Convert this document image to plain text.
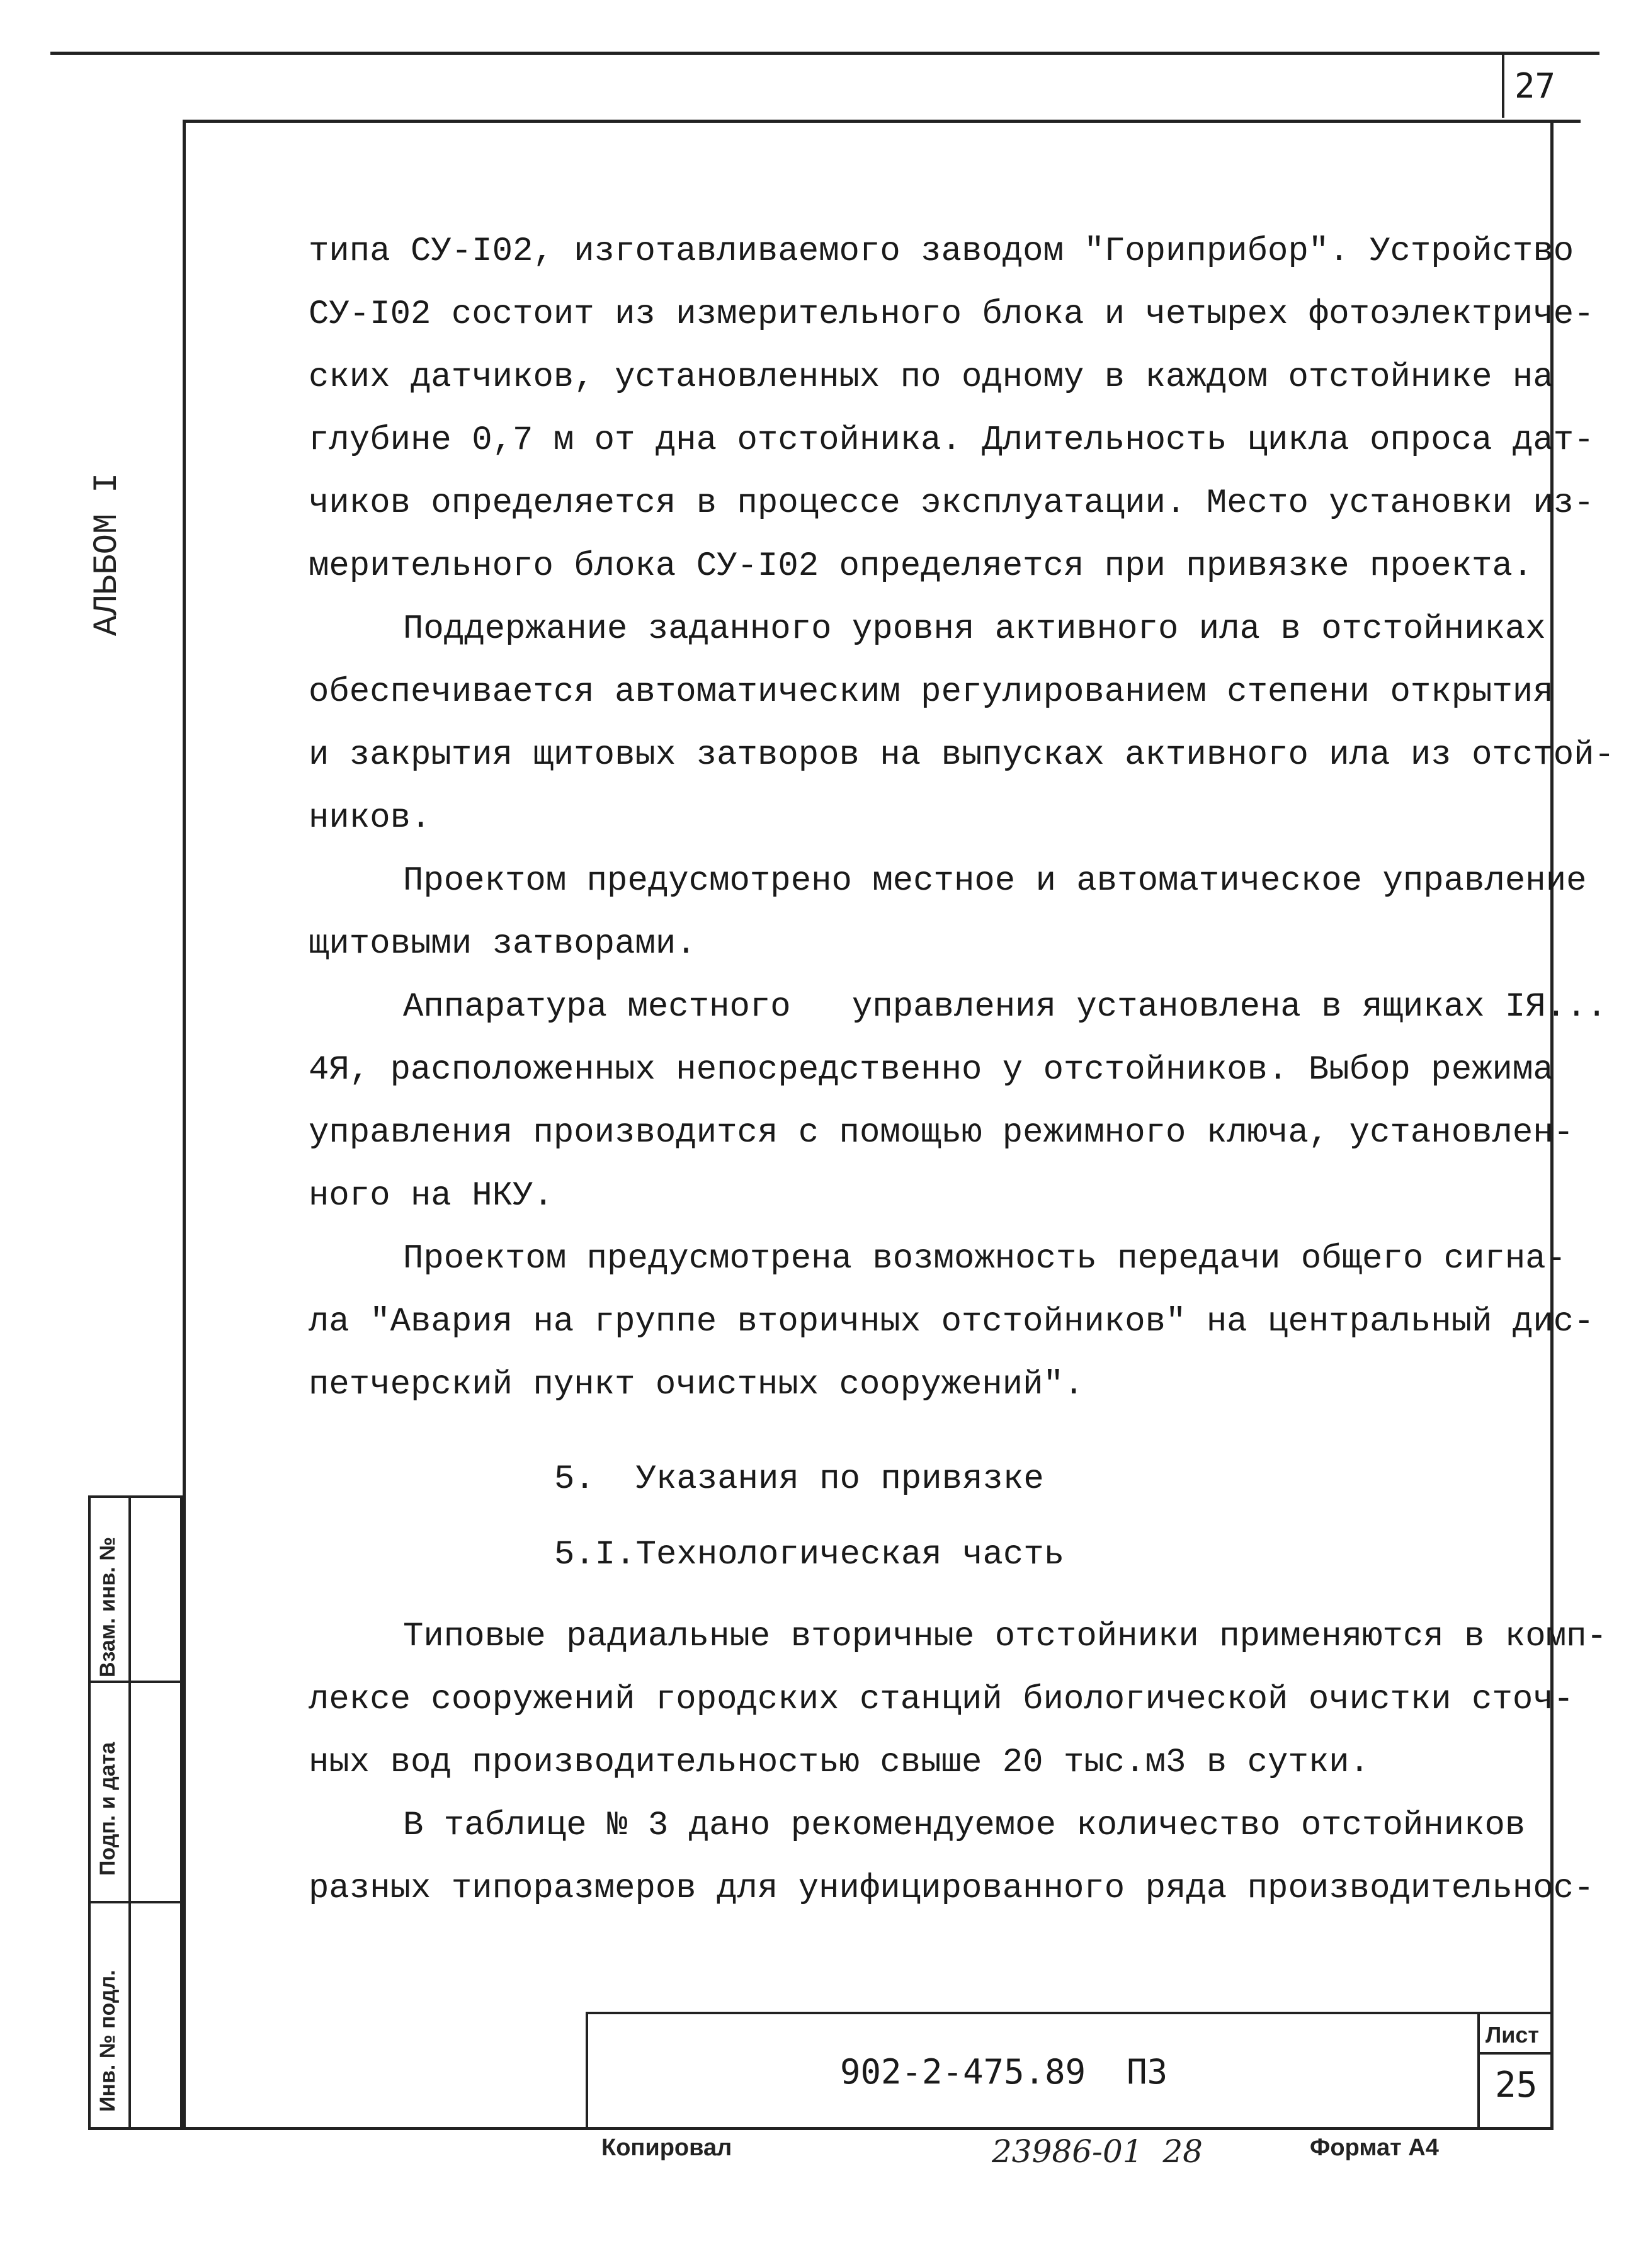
27
АЛЬБОМ I
Взам. инв. №
Подп. и дата
Инв. № подл.
типа СУ-I02, изготавливаемого заводом "Гориприбор". Устройство
СУ-I02 состоит из измерительного блока и четырех фотоэлектриче-
ских датчиков, установленных по одному в каждом отстойнике на
глубине 0,7 м от дна отстойника. Длительность цикла опроса дат-
чиков определяется в процессе эксплуатации. Место установки из-
мерительного блока СУ-I02 определяется при привязке проекта.
Поддержание заданного уровня активного ила в отстойниках
обеспечивается автоматическим регулированием степени открытия
и закрытия щитовых затворов на выпусках активного ила из отстой-
ников.
Проектом предусмотрено местное и автоматическое управление
щитовыми затворами.
Аппаратура местного   управления установлена в ящиках IЯ...
4Я, расположенных непосредственно у отстойников. Выбор режима
управления производится с помощью режимного ключа, установлен-
ного на НКУ.
Проектом предусмотрена возможность передачи общего сигна-
ла "Авария на группе вторичных отстойников" на центральный дис-
петчерский пункт очистных сооружений".
5.  Указания по привязке
5.I.Технологическая часть
Типовые радиальные вторичные отстойники применяются в комп-
лексе сооружений городских станций биологической очистки сточ-
ных вод производительностью свыше 20 тыс.м3 в сутки.
В таблице № 3 дано рекомендуемое количество отстойников
разных типоразмеров для унифицированного ряда производительнос-
902-2-475.89  ПЗ
Лист
25
Копировал	23986-01  28	Формат А4
